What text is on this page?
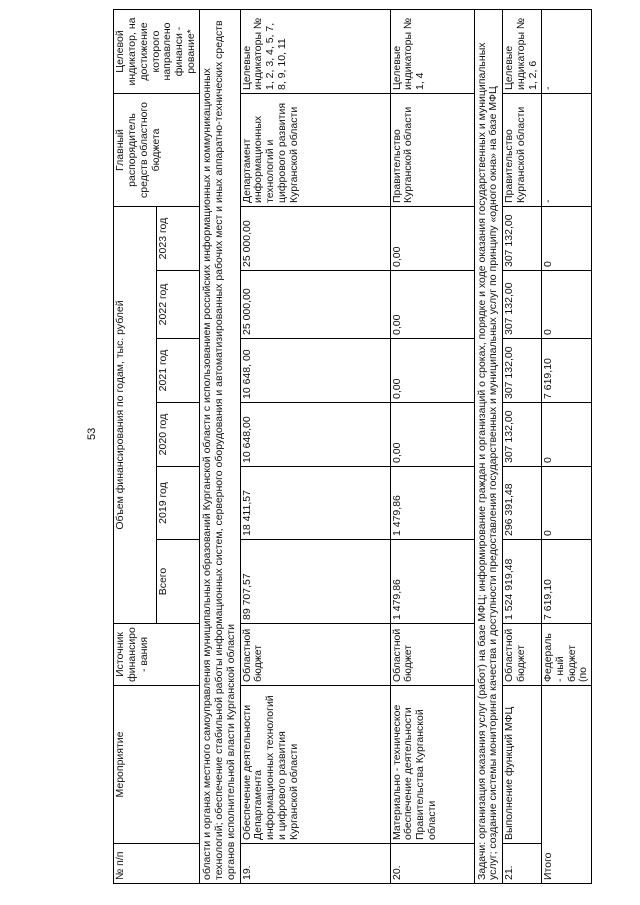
53
№ п/п	Мероприятие	Источник финансиро - вания	Объем финансирования по годам, тыс. рублей						Главный распорядитель средств областного бюджета	Целевой индикатор, на достижение которого направлено финанси - рование*
			Всего	2019 год	2020 год	2021 год	2022 год	2023 год		
области и органах местного самоуправления муниципальных образований Курганской области с использованием российских информационных и коммуникационных технологий; обеспечение стабильной работы информационных систем, серверного оборудования и автоматизированных рабочих мест и иных аппаратно-технических средств органов исполнительной власти Курганской области										
19.	Обеспечение деятельности Департамента информационных технологий и цифрового развития Курганской области	Областной бюджет	89 707,57	18 411,57	10 648,00	10 648, 00	25 000,00	25 000,00	Департамент информационных технологий и цифрового развития Курганской области	Целевые индикаторы № 1, 2, 3, 4, 5, 7, 8, 9, 10, 11
20.	Материально - техническое обеспечение деятельности Правительства Курганской области	Областной бюджет	1 479,86	1 479,86	0,00	0,00	0,00	0,00	Правительство Курганской области	Целевые индикаторы № 1, 4
Задачи: организация оказания услуг (работ) на базе МФЦ; информирование граждан и организаций о сроках, порядке и ходе оказания государственных и муниципальных услуг; создание системы мониторинга качества и доступности предоставления государственных и муниципальных услуг по принципу «одного окна» на базе МФЦ										
21.	Выполнение функций МФЦ	Областной бюджет	1 524 919,48	296 391,48	307 132,00	307 132,00	307 132,00	307 132,00	Правительство Курганской области	Целевые индикаторы № 1, 2, 6
Итого		Федераль - ный бюджет (по	7 619,10	0	0	7 619,10	0	0	-	-
